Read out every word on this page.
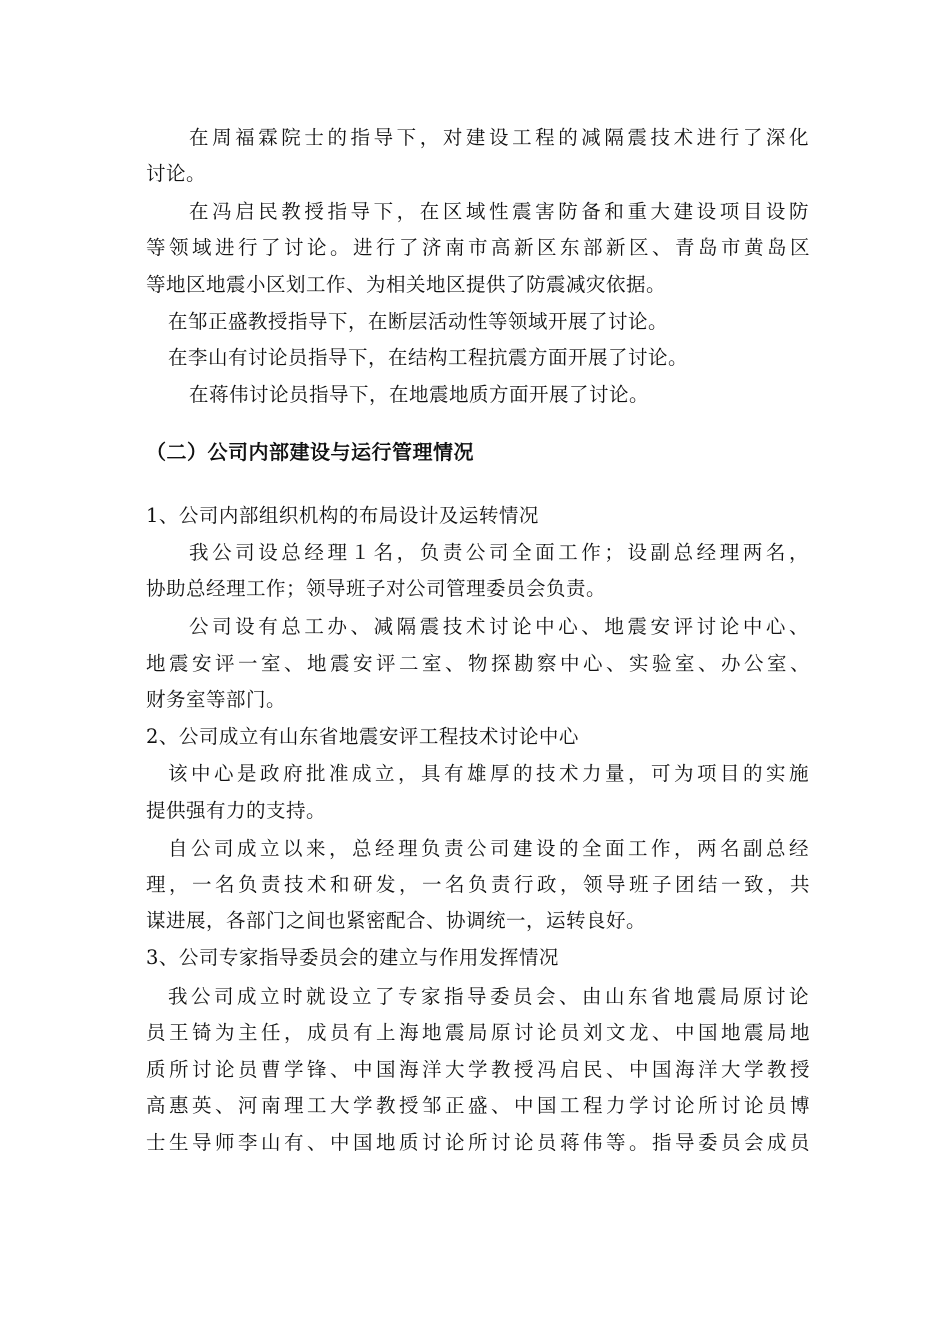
在周福霖院士的指导下，对建设工程的减隔震技术进行了深化
讨论。
在冯启民教授指导下，在区域性震害防备和重大建设项目设防
等领域进行了讨论。进行了济南市高新区东部新区、青岛市黄岛区
等地区地震小区划工作、为相关地区提供了防震减灾依据。
在邹正盛教授指导下，在断层活动性等领域开展了讨论。
在李山有讨论员指导下，在结构工程抗震方面开展了讨论。
在蒋伟讨论员指导下，在地震地质方面开展了讨论。
（二）公司内部建设与运行管理情况
1、公司内部组织机构的布局设计及运转情况
我公司设总经理１名，负责公司全面工作；设副总经理两名，
协助总经理工作；领导班子对公司管理委员会负责。
公司设有总工办、减隔震技术讨论中心、地震安评讨论中心、
地震安评一室、地震安评二室、物探勘察中心、实验室、办公室、
财务室等部门。
2、公司成立有山东省地震安评工程技术讨论中心
该中心是政府批准成立，具有雄厚的技术力量，可为项目的实施
提供强有力的支持。
自公司成立以来，总经理负责公司建设的全面工作，两名副总经
理，一名负责技术和研发，一名负责行政，领导班子团结一致，共
谋进展，各部门之间也紧密配合、协调统一，运转良好。
3、公司专家指导委员会的建立与作用发挥情况
我公司成立时就设立了专家指导委员会、由山东省地震局原讨论
员王锜为主任，成员有上海地震局原讨论员刘文龙、中国地震局地
质所讨论员曹学锋、中国海洋大学教授冯启民、中国海洋大学教授
高惠英、河南理工大学教授邹正盛、中国工程力学讨论所讨论员博
士生导师李山有、中国地质讨论所讨论员蒋伟等。指导委员会成员
